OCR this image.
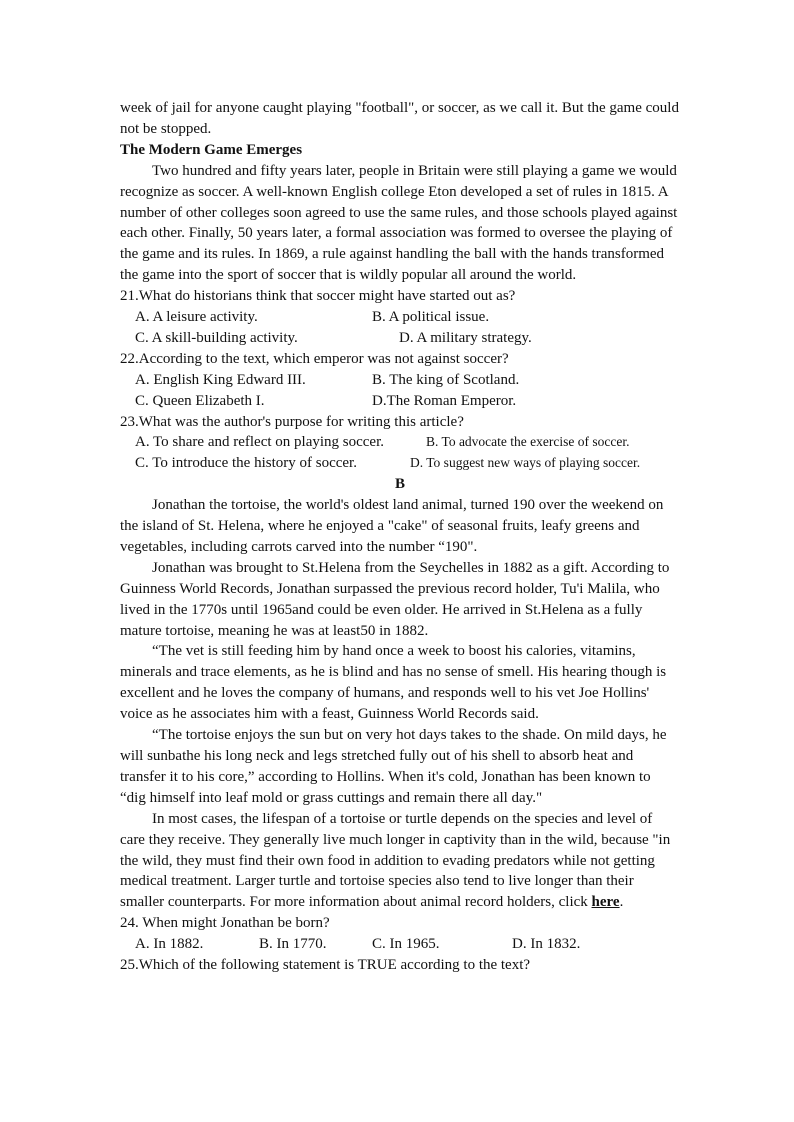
week of jail for anyone caught playing "football", or soccer, as we call it. But the game could not be stopped.

The Modern Game Emerges

Two hundred and fifty years later, people in Britain were still playing a game we would recognize as soccer. A well-known English college Eton developed a set of rules in 1815. A number of other colleges soon agreed to use the same rules, and those schools played against each other. Finally, 50 years later, a formal association was formed to oversee the playing of the game and its rules. In 1869, a rule against handling the ball with the hands transformed the game into the sport of soccer that is wildly popular all around the world.

21.What do historians think that soccer might have started out as?

A. A leisure activity.	B. A political issue.
C. A skill-building activity.	D. A military strategy.

22.According to the text, which emperor was not against soccer?

A. English King Edward III.	B. The king of Scotland.
C. Queen Elizabeth I.	D.The Roman Emperor.

23.What was the author's purpose for writing this article?

A. To share and reflect on playing soccer.	B. To advocate the exercise of soccer.
C. To introduce the history of soccer.	D. To suggest new ways of playing soccer.

B

Jonathan the tortoise, the world's oldest land animal, turned 190 over the weekend on the island of St. Helena, where he enjoyed a "cake" of seasonal fruits, leafy greens and vegetables, including carrots carved into the number “190".

Jonathan was brought to St.Helena from the Seychelles in 1882 as a gift. According to Guinness World Records, Jonathan surpassed the previous record holder, Tu'i Malila, who lived in the 1770s until 1965and could be even older. He arrived in St.Helena as a fully mature tortoise, meaning he was at least50 in 1882.

“The vet is still feeding him by hand once a week to boost his calories, vitamins, minerals and trace elements, as he is blind and has no sense of smell. His hearing though is excellent and he loves the company of humans, and responds well to his vet Joe Hollins' voice as he associates him with a feast, Guinness World Records said.

“The tortoise enjoys the sun but on very hot days takes to the shade. On mild days, he will sunbathe his long neck and legs stretched fully out of his shell to absorb heat and transfer it to his core,” according to Hollins. When it's cold, Jonathan has been known to “dig himself into leaf mold or grass cuttings and remain there all day."

In most cases, the lifespan of a tortoise or turtle depends on the species and level of care they receive. They generally live much longer in captivity than in the wild, because "in the wild, they must find their own food in addition to evading predators while not getting medical treatment. Larger turtle and tortoise species also tend to live longer than their smaller counterparts. For more information about animal record holders, click here.

24. When might Jonathan be born?

A. In 1882.	B. In 1770.	C. In 1965.	D. In 1832.

25.Which of the following statement is TRUE according to the text?
